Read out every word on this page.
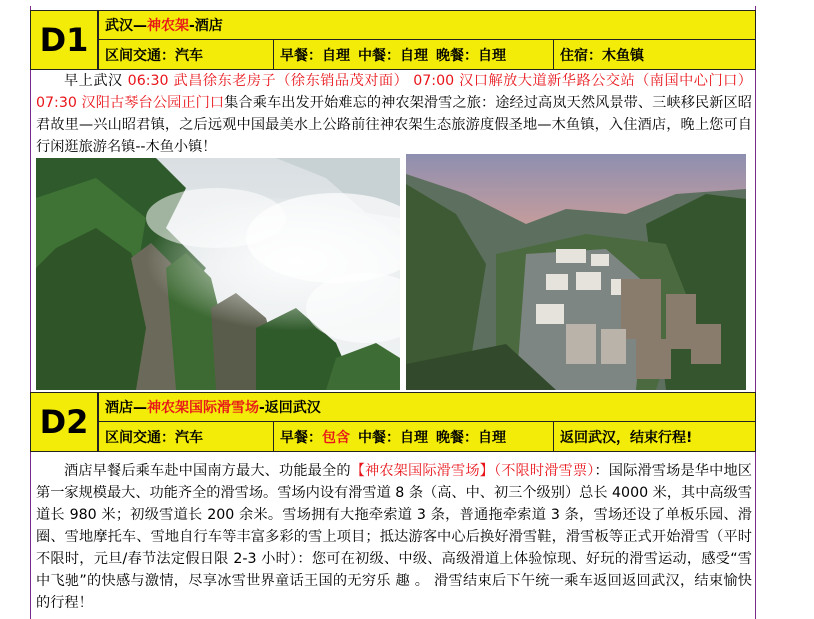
D1	武汉— 神农架 -酒店
区间交通：汽车	早餐：自理 中餐：自理 晚餐：自理	住宿：木鱼镇

早上武汉 06:30 武昌徐东老房子（徐东销品茂对面） 07:00 汉口解放大道新华路公交站（南国中心门口） 07:30 汉阳古琴台公园正门口集合乘车出发开始难忘的神农架滑雪之旅：途经过高岚天然风景带、三峡移民新区昭君故里—兴山昭君镇，之后远观中国最美水上公路前往神农架生态旅游度假圣地—木鱼镇，入住酒店，晚上您可自行闲逛旅游名镇--木鱼小镇！

D2	酒店— 神农架国际滑雪场 -返回武汉
区间交通：汽车	早餐：包含 中餐：自理 晚餐：自理	返回武汉，结束行程!

酒店早餐后乘车赴中国南方最大、功能最全的【神农架国际滑雪场】（不限时滑雪票）：国际滑雪场是华中地区第一家规模最大、功能齐全的滑雪场。雪场内设有滑雪道 8 条（高、中、初三个级别）总长 4000 米，其中高级雪道长 980 米；初级雪道长 200 余米。雪场拥有大拖牵索道 3 条，普通拖牵索道 3 条，雪场还设了单板乐园、滑圈、雪地摩托车、雪地自行车等丰富多彩的雪上项目；抵达游客中心后换好滑雪鞋，滑雪板等正式开始滑雪（平时不限时，元旦/春节法定假日限 2-3 小时）：您可在初级、中级、高级滑道上体验惊现、好玩的滑雪运动，感受“雪中飞驰”的快感与激情，尽享冰雪世界童话王国的无穷乐 趣 。 滑雪结束后下午统一乘车返回返回武汉，结束愉快的行程！
